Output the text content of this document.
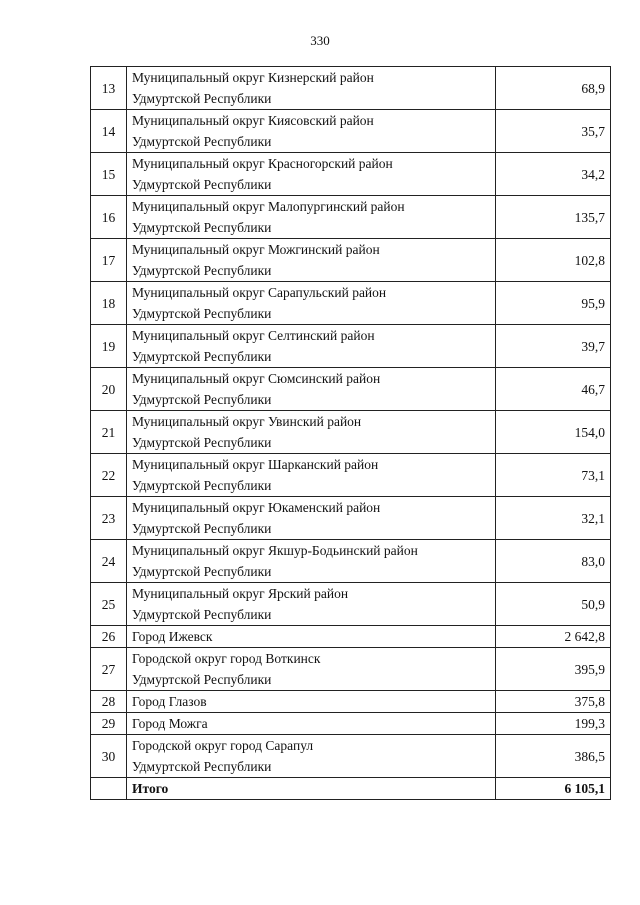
330
13	Муниципальный округ Кизнерский район
Удмуртской Республики	68,9
14	Муниципальный округ Киясовский район
Удмуртской Республики	35,7
15	Муниципальный округ Красногорский район
Удмуртской Республики	34,2
16	Муниципальный округ Малопургинский район
Удмуртской Республики	135,7
17	Муниципальный округ Можгинский район
Удмуртской Республики	102,8
18	Муниципальный округ Сарапульский район
Удмуртской Республики	95,9
19	Муниципальный округ Селтинский район
Удмуртской Республики	39,7
20	Муниципальный округ Сюмсинский район
Удмуртской Республики	46,7
21	Муниципальный округ Увинский район
Удмуртской Республики	154,0
22	Муниципальный округ Шарканский район
Удмуртской Республики	73,1
23	Муниципальный округ Юкаменский район
Удмуртской Республики	32,1
24	Муниципальный округ Якшур-Бодьинский район
Удмуртской Республики	83,0
25	Муниципальный округ Ярский район
Удмуртской Республики	50,9
26	Город Ижевск	2 642,8
27	Городской округ город Воткинск
Удмуртской Республики	395,9
28	Город Глазов	375,8
29	Город Можга	199,3
30	Городской округ город Сарапул
Удмуртской Республики	386,5
	Итого	6 105,1
